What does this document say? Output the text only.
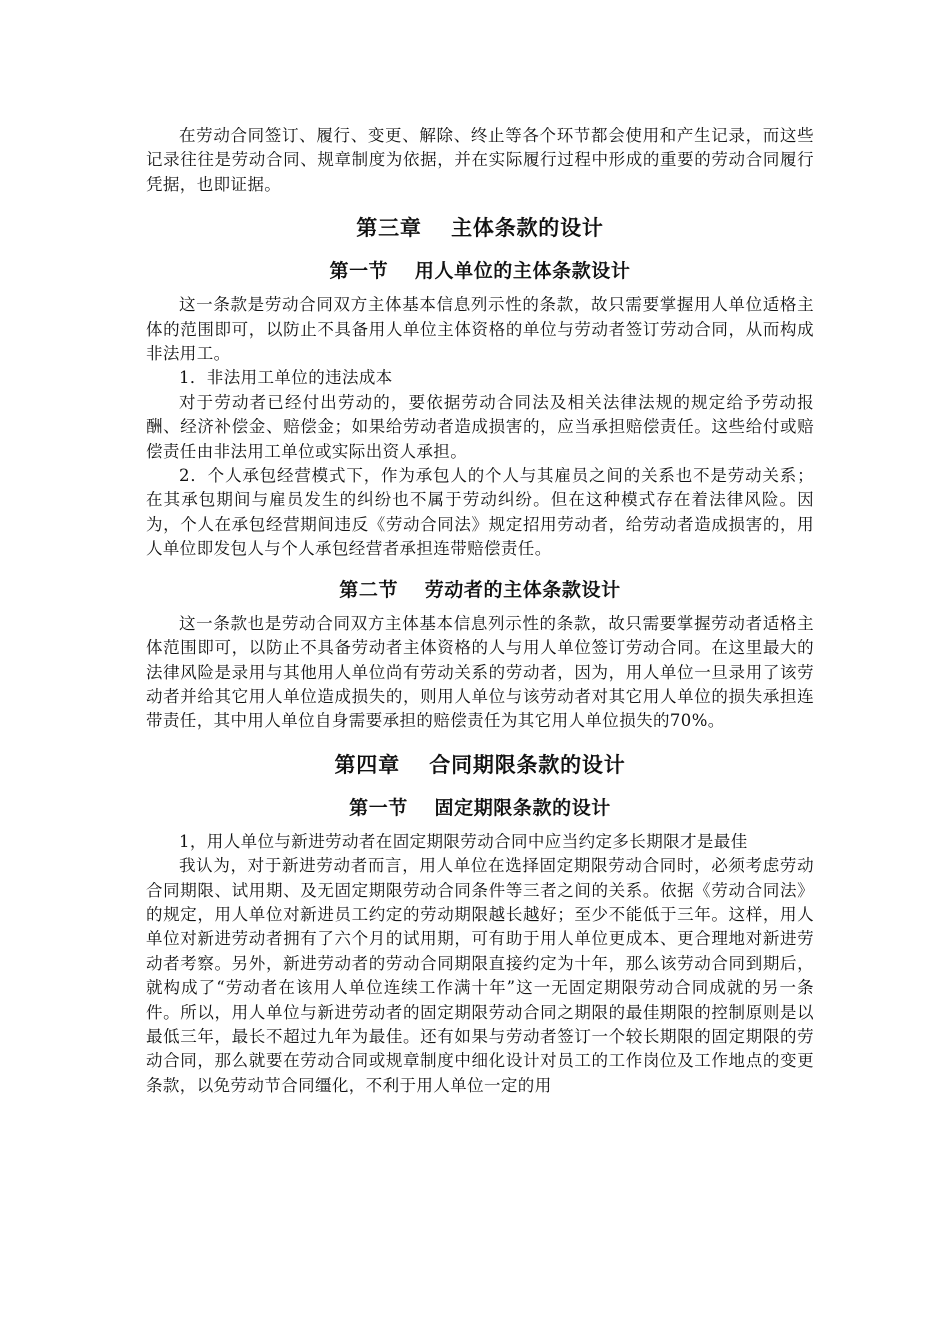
在劳动合同签订、履行、变更、解除、终止等各个环节都会使用和产生记录，而这些记录往往是劳动合同、规章制度为依据，并在实际履行过程中形成的重要的劳动合同履行凭据，也即证据。

第三章 主体条款的设计
第一节 用人单位的主体条款设计

这一条款是劳动合同双方主体基本信息列示性的条款，故只需要掌握用人单位适格主体的范围即可，以防止不具备用人单位主体资格的单位与劳动者签订劳动合同，从而构成非法用工。

1．非法用工单位的违法成本

对于劳动者已经付出劳动的，要依据劳动合同法及相关法律法规的规定给予劳动报酬、经济补偿金、赔偿金；如果给劳动者造成损害的，应当承担赔偿责任。这些给付或赔偿责任由非法用工单位或实际出资人承担。

2．个人承包经营模式下，作为承包人的个人与其雇员之间的关系也不是劳动关系；在其承包期间与雇员发生的纠纷也不属于劳动纠纷。但在这种模式存在着法律风险。因为，个人在承包经营期间违反《劳动合同法》规定招用劳动者，给劳动者造成损害的，用人单位即发包人与个人承包经营者承担连带赔偿责任。

第二节 劳动者的主体条款设计

这一条款也是劳动合同双方主体基本信息列示性的条款，故只需要掌握劳动者适格主体范围即可，以防止不具备劳动者主体资格的人与用人单位签订劳动合同。在这里最大的法律风险是录用与其他用人单位尚有劳动关系的劳动者，因为，用人单位一旦录用了该劳动者并给其它用人单位造成损失的，则用人单位与该劳动者对其它用人单位的损失承担连带责任，其中用人单位自身需要承担的赔偿责任为其它用人单位损失的70%。

第四章 合同期限条款的设计
第一节 固定期限条款的设计

1，用人单位与新进劳动者在固定期限劳动合同中应当约定多长期限才是最佳

我认为，对于新进劳动者而言，用人单位在选择固定期限劳动合同时，必须考虑劳动合同期限、试用期、及无固定期限劳动合同条件等三者之间的关系。依据《劳动合同法》的规定，用人单位对新进员工约定的劳动期限越长越好；至少不能低于三年。这样，用人单位对新进劳动者拥有了六个月的试用期，可有助于用人单位更成本、更合理地对新进劳动者考察。另外，新进劳动者的劳动合同期限直接约定为十年，那么该劳动合同到期后，就构成了“劳动者在该用人单位连续工作满十年”这一无固定期限劳动合同成就的另一条件。所以，用人单位与新进劳动者的固定期限劳动合同之期限的最佳期限的控制原则是以最低三年，最长不超过九年为最佳。还有如果与劳动者签订一个较长期限的固定期限的劳动合同，那么就要在劳动合同或规章制度中细化设计对员工的工作岗位及工作地点的变更条款，以免劳动节合同缰化，不利于用人单位一定的用
